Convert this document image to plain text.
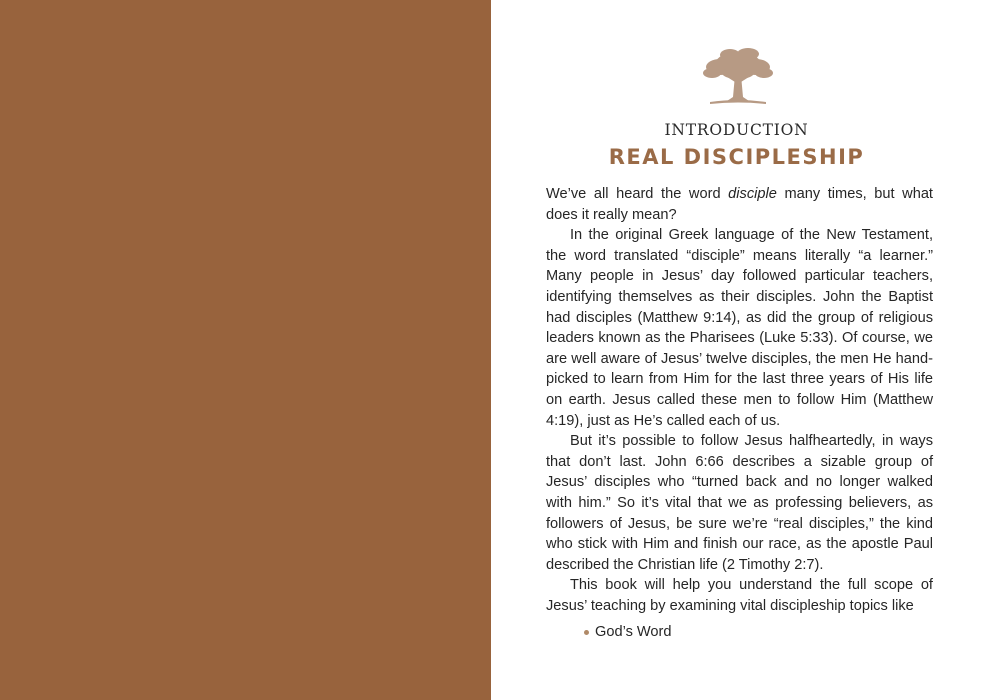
INTRODUCTION
REAL DISCIPLESHIP

We’ve all heard the word disciple many times, but what does it really mean?

In the original Greek language of the New Testament, the word translated “disciple” means literally “a learner.” Many people in Jesus’ day followed particular teachers, identifying themselves as their disciples. John the Baptist had disciples (Matthew 9:14), as did the group of religious leaders known as the Pharisees (Luke 5:33). Of course, we are well aware of Jesus’ twelve disciples, the men He hand-picked to learn from Him for the last three years of His life on earth. Jesus called these men to follow Him (Matthew 4:19), just as He’s called each of us.

But it’s possible to follow Jesus halfheartedly, in ways that don’t last. John 6:66 describes a sizable group of Jesus’ disciples who “turned back and no longer walked with him.” So it’s vital that we as professing believers, as followers of Jesus, be sure we’re “real disciples,” the kind who stick with Him and finish our race, as the apostle Paul described the Christian life (2 Timothy 2:7).

This book will help you understand the full scope of Jesus’ teaching by examining vital discipleship topics like

God’s Word
